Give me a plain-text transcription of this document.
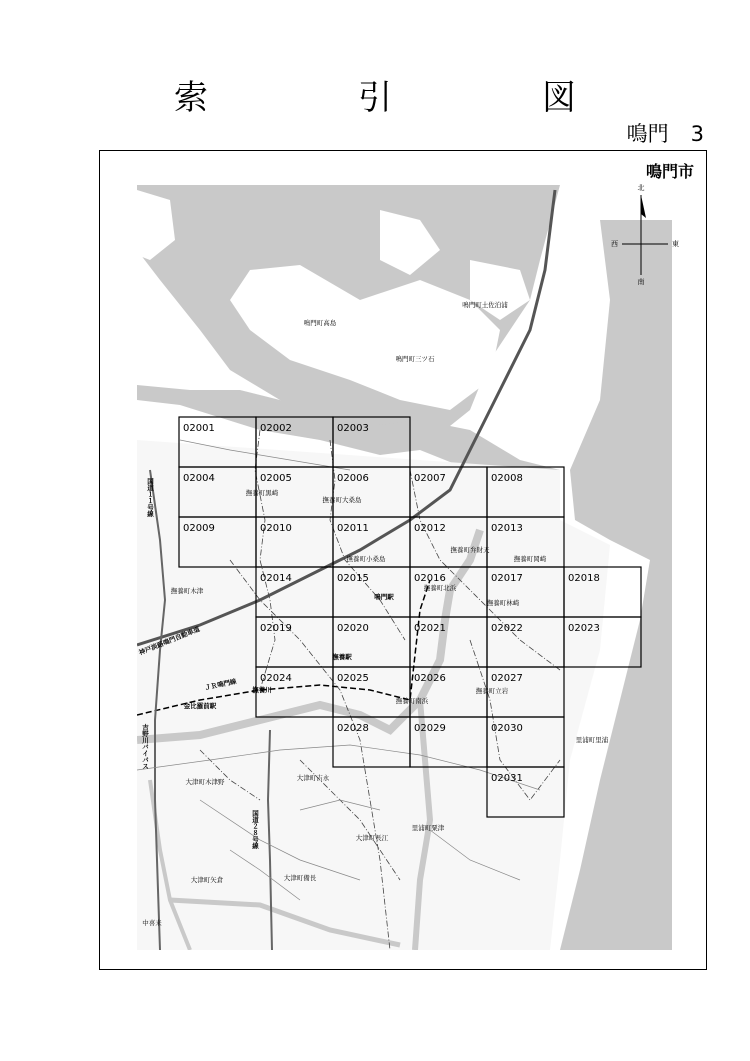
索　引　図
鳴門 3
鳴門市
02001	02002	02003
02004	02005	02006	02007	02008
02009	02010	02011	02012	02013
02014	02015	02016	02017	02018
02019	02020	02021	02022	02023
02024	02025	02026	02027
02028	02029	02030
02031
鳴門町高島
鳴門町土佐泊浦
鳴門町三ツ石
撫養町黒崎
撫養町大桑島
撫養町小桑島
撫養町弁財天
撫養町岡崎
撫養町木津	撫養町北浜
撫養町林崎
撫養町南浜
撫養町立岩
里浦町里浦
大津町木津野	大津町吉永
大津町長江
里浦町粟津
大津町矢倉	大津町備長
中喜来
鳴門駅
撫養駅
撫養川
金比羅前駅
国道１１号線
神戸淡路鳴門自動車道
ＪＲ鳴門線
吉野川バイパス
国道２８号線
北
南
西	東
